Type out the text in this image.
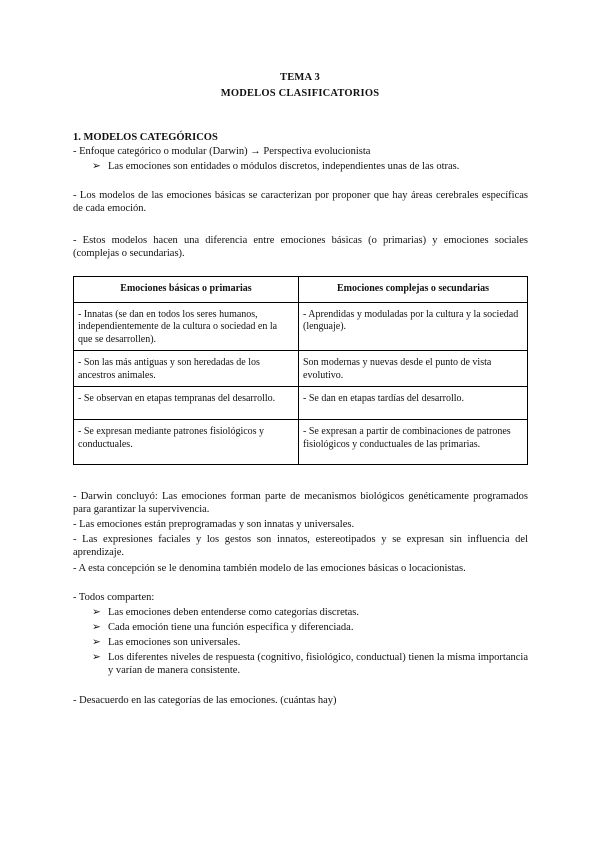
TEMA 3
MODELOS CLASIFICATORIOS
1. MODELOS CATEGÓRICOS
- Enfoque categórico o modular (Darwin) → Perspectiva evolucionista
➢ Las emociones son entidades o módulos discretos, independientes unas de las otras.
- Los modelos de las emociones básicas se caracterizan por proponer que hay áreas cerebrales específicas de cada emoción.
- Estos modelos hacen una diferencia entre emociones básicas (o primarias) y emociones sociales (complejas o secundarias).
Emociones básicas o primarias	Emociones complejas o secundarias
- Innatas (se dan en todos los seres humanos, independientemente de la cultura o sociedad en la que se desarrollen).	- Aprendidas y moduladas por la cultura y la sociedad (lenguaje).
- Son las más antiguas y son heredadas de los ancestros animales.	Son modernas y nuevas desde el punto de vista evolutivo.
- Se observan en etapas tempranas del desarrollo.	- Se dan en etapas tardías del desarrollo.
- Se expresan mediante patrones fisiológicos y conductuales.	- Se expresan a partir de combinaciones de patrones fisiológicos y conductuales de las primarias.
- Darwin concluyó: Las emociones forman parte de mecanismos biológicos genéticamente programados para garantizar la supervivencia.
- Las emociones están preprogramadas y son innatas y universales.
- Las expresiones faciales y los gestos son innatos, estereotipados y se expresan sin influencia del aprendizaje.
- A esta concepción se le denomina también modelo de las emociones básicas o locacionistas.
- Todos comparten:
➢ Las emociones deben entenderse como categorías discretas.
➢ Cada emoción tiene una función específica y diferenciada.
➢ Las emociones son universales.
➢ Los diferentes niveles de respuesta (cognitivo, fisiológico, conductual) tienen la misma importancia y varían de manera consistente.
- Desacuerdo en las categorías de las emociones. (cuántas hay)
